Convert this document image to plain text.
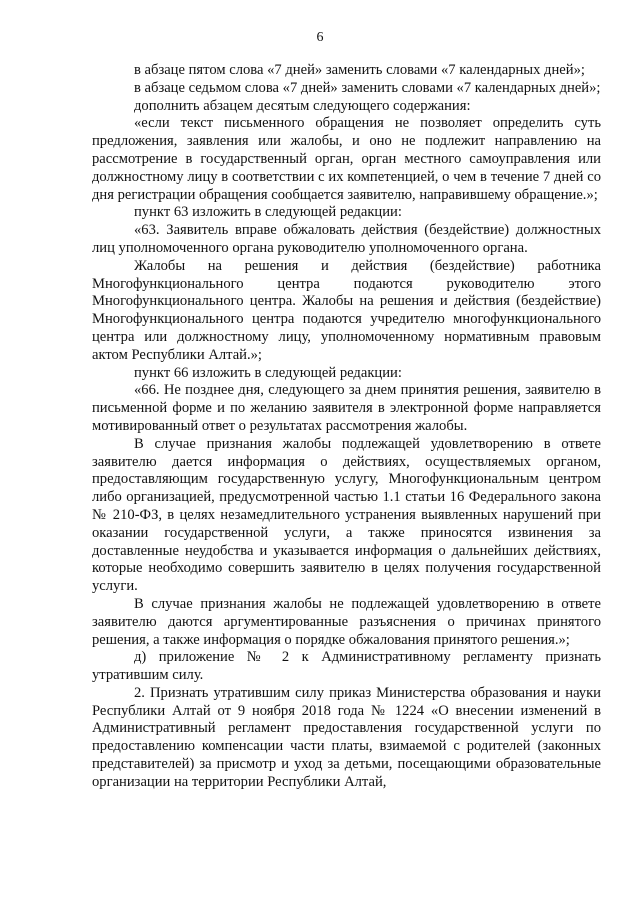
6

в абзаце пятом слова «7 дней» заменить словами «7 календарных дней»;

в абзаце седьмом слова «7 дней» заменить словами «7 календарных дней»;

дополнить абзацем десятым следующего содержания:

«если текст письменного обращения не позволяет определить суть предложения, заявления или жалобы, и оно не подлежит направлению на рассмотрение в государственный орган, орган местного самоуправления или должностному лицу в соответствии с их компетенцией, о чем в течение 7 дней со дня регистрации обращения сообщается заявителю, направившему обращение.»;

пункт 63 изложить в следующей редакции:

«63. Заявитель вправе обжаловать действия (бездействие) должностных лиц уполномоченного органа руководителю уполномоченного органа.

Жалобы на решения и действия (бездействие) работника Многофункционального центра подаются руководителю этого Многофункционального центра. Жалобы на решения и действия (бездействие) Многофункционального центра подаются учредителю многофункционального центра или должностному лицу, уполномоченному нормативным правовым актом Республики Алтай.»;

пункт 66 изложить в следующей редакции:

«66. Не позднее дня, следующего за днем принятия решения, заявителю в письменной форме и по желанию заявителя в электронной форме направляется мотивированный ответ о результатах рассмотрения жалобы.

В случае признания жалобы подлежащей удовлетворению в ответе заявителю дается информация о действиях, осуществляемых органом, предоставляющим государственную услугу, Многофункциональным центром либо организацией, предусмотренной частью 1.1 статьи 16 Федерального закона № 210-ФЗ, в целях незамедлительного устранения выявленных нарушений при оказании государственной услуги, а также приносятся извинения за доставленные неудобства и указывается информация о дальнейших действиях, которые необходимо совершить заявителю в целях получения государственной услуги.

В случае признания жалобы не подлежащей удовлетворению в ответе заявителю даются аргументированные разъяснения о причинах принятого решения, а также информация о порядке обжалования принятого решения.»;

д) приложение № 2 к Административному регламенту признать утратившим силу.

2. Признать утратившим силу приказ Министерства образования и науки Республики Алтай от 9 ноября 2018 года № 1224 «О внесении изменений в Административный регламент предоставления государственной услуги по предоставлению компенсации части платы, взимаемой с родителей (законных представителей) за присмотр и уход за детьми, посещающими образовательные организации на территории Республики Алтай,
